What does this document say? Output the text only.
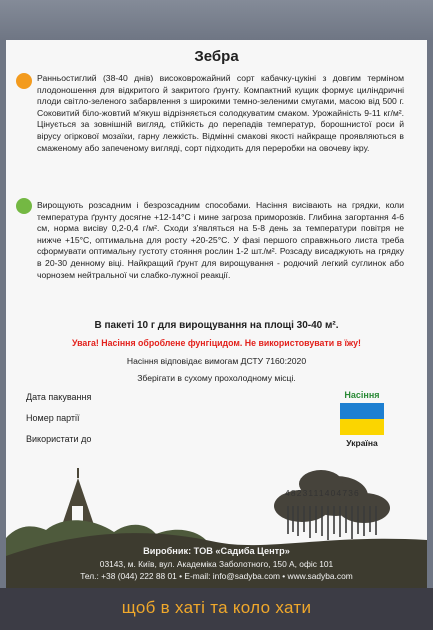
Зебра

Ранньостиглий (38-40 днів) високоврожайний сорт кабачку-цукіні з довгим терміном плодоношення для відкритого й закритого ґрунту. Компактний кущик формує циліндричні плоди світло-зеленого забарвлення з широкими темно-зеленими смугами, масою від 500 г. Соковитий біло-жовтий м'якуш відрізняється солодкуватим смаком. Урожайність 9-11 кг/м². Цінується за зовнішній вигляд, стійкість до перепадів температур, борошнистої роси й вірусу огіркової мозаїки, гарну лежкість. Відмінні смакові якості найкраще проявляються в смаженому або запеченому вигляді, сорт підходить для переробки на овочеву ікру.

Вирощують розсадним і безрозсадним способами. Насіння висівають на грядки, коли температура ґрунту досягне +12-14°С і мине загроза приморозків. Глибина загортання 4-6 см, норма висіву 0,2-0,4 г/м². Сходи з'являться на 5-8 день за температури повітря не нижче +15°С, оптимальна для росту +20-25°С. У фазі першого справжнього листа треба сформувати оптимальну густоту стояння рослин 1-2 шт./м². Розсаду висаджують на грядку в 20-30 денному віці. Найкращий ґрунт для вирощування - родючий легкий суглинок або чорнозем нейтральної чи слабко-лужної реакції.

В пакеті 10 г для вирощування на площі 30-40 м².
Увага! Насіння оброблене фунгіцидом. Не використовувати в їжу!
Насіння відповідає вимогам ДСТУ 7160:2020
Зберігати в сухому прохолодному місці.
Дата пакування
Номер партії
Використати до
Насіння
Україна
4823111404736
Виробник: ТОВ «Садиба Центр»
03143, м. Київ, вул. Академіка Заболотного, 150 А, офіс 101
Тел.: +38 (044) 222 88 01 • E-mail: info@sadyba.com • www.sadyba.com
щоб в хаті та коло хати
